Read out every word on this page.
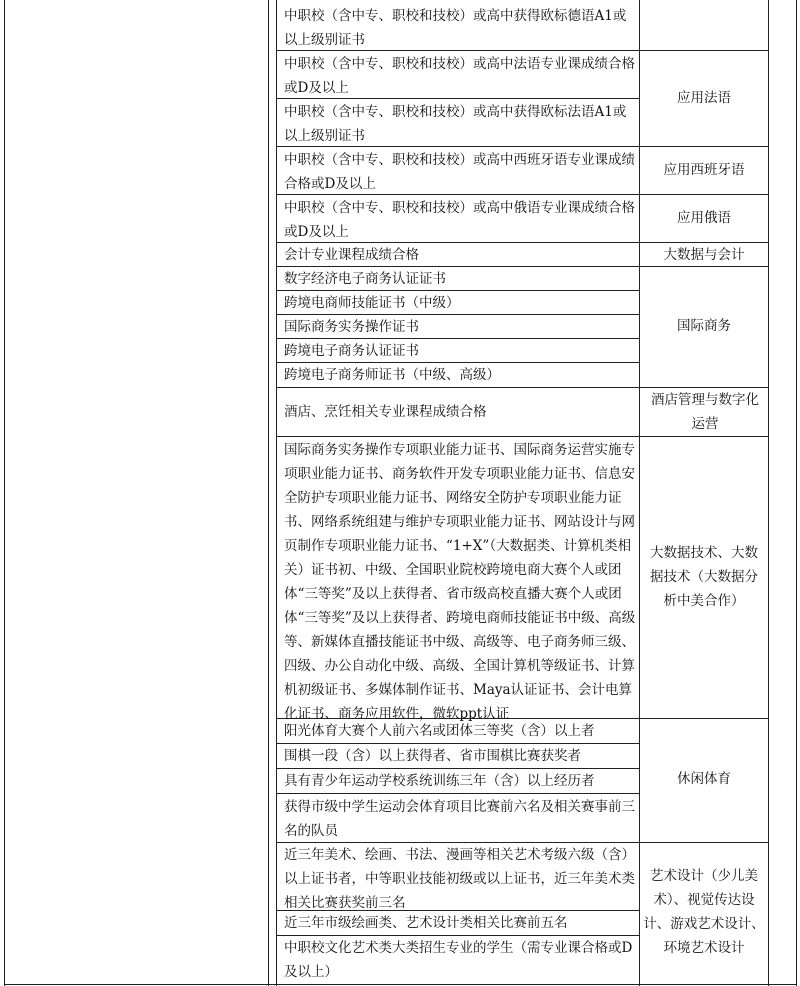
中职校（含中专、职校和技校）或高中获得欧标德语A1或以上级别证书
中职校（含中专、职校和技校）或高中法语专业课成绩合格或D及以上
中职校（含中专、职校和技校）或高中获得欧标法语A1或以上级别证书
中职校（含中专、职校和技校）或高中西班牙语专业课成绩合格或D及以上
中职校（含中专、职校和技校）或高中俄语专业课成绩合格或D及以上
会计专业课程成绩合格
数字经济电子商务认证证书
跨境电商师技能证书（中级）
国际商务实务操作证书
跨境电子商务认证证书
跨境电子商务师证书（中级、高级）
酒店、烹饪相关专业课程成绩合格
国际商务实务操作专项职业能力证书、国际商务运营实施专项职业能力证书、商务软件开发专项职业能力证书、信息安全防护专项职业能力证书、网络安全防护专项职业能力证书、网络系统组建与维护专项职业能力证书、网站设计与网页制作专项职业能力证书、“1+X”（大数据类、计算机类相关）证书初、中级、全国职业院校跨境电商大赛个人或团体“三等奖”及以上获得者、省市级高校直播大赛个人或团体“三等奖”及以上获得者、跨境电商师技能证书中级、高级等、新媒体直播技能证书中级、高级等、电子商务师三级、四级、办公自动化中级、高级、全国计算机等级证书、计算机初级证书、多媒体制作证书、Maya认证证书、会计电算化证书、商务应用软件，微软ppt认证
阳光体育大赛个人前六名或团体三等奖（含）以上者
围棋一段（含）以上获得者、省市围棋比赛获奖者
具有青少年运动学校系统训练三年（含）以上经历者
获得市级中学生运动会体育项目比赛前六名及相关赛事前三名的队员
近三年美术、绘画、书法、漫画等相关艺术考级六级（含）以上证书者，中等职业技能初级或以上证书，近三年美术类相关比赛获奖前三名
近三年市级绘画类、艺术设计类相关比赛前五名
中职校文化艺术类大类招生专业的学生（需专业课合格或D及以上）
应用法语
应用西班牙语
应用俄语
大数据与会计
国际商务
酒店管理与数字化运营
大数据技术、大数据技术（大数据分析中美合作）
休闲体育
艺术设计（少儿美术）、视觉传达设计、游戏艺术设计、环境艺术设计
